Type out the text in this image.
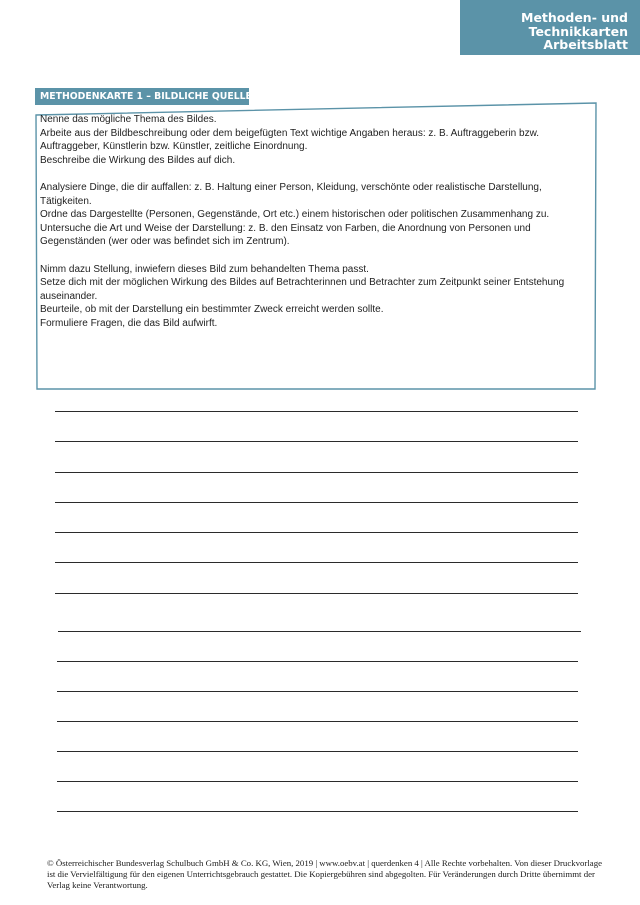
Methoden- und
Technikkarten
Arbeitsblatt
METHODENKARTE 1 – BILDLICHE QUELLE

Nenne das mögliche Thema des Bildes.
Arbeite aus der Bildbeschreibung oder dem beigefügten Text wichtige Angaben heraus: z. B. Auftraggeberin bzw. Auftraggeber, Künstlerin bzw. Künstler, zeitliche Einordnung.
Beschreibe die Wirkung des Bildes auf dich.

Analysiere Dinge, die dir auffallen: z. B. Haltung einer Person, Kleidung, verschönte oder realistische Darstellung, Tätigkeiten.
Ordne das Dargestellte (Personen, Gegenstände, Ort etc.) einem historischen oder politischen Zusammenhang zu.
Untersuche die Art und Weise der Darstellung: z. B. den Einsatz von Farben, die Anordnung von Personen und Gegenständen (wer oder was befindet sich im Zentrum).

Nimm dazu Stellung, inwiefern dieses Bild zum behandelten Thema passt.
Setze dich mit der möglichen Wirkung des Bildes auf Betrachterinnen und Betrachter zum Zeitpunkt seiner Entstehung auseinander.
Beurteile, ob mit der Darstellung ein bestimmter Zweck erreicht werden sollte.
Formuliere Fragen, die das Bild aufwirft.

© Österreichischer Bundesverlag Schulbuch GmbH & Co. KG, Wien, 2019 | www.oebv.at | querdenken 4 | Alle Rechte vorbehalten. Von dieser Druckvorlage ist die Vervielfältigung für den eigenen Unterrichtsgebrauch gestattet. Die Kopiergebühren sind abgegolten. Für Veränderungen durch Dritte übernimmt der Verlag keine Verantwortung.
